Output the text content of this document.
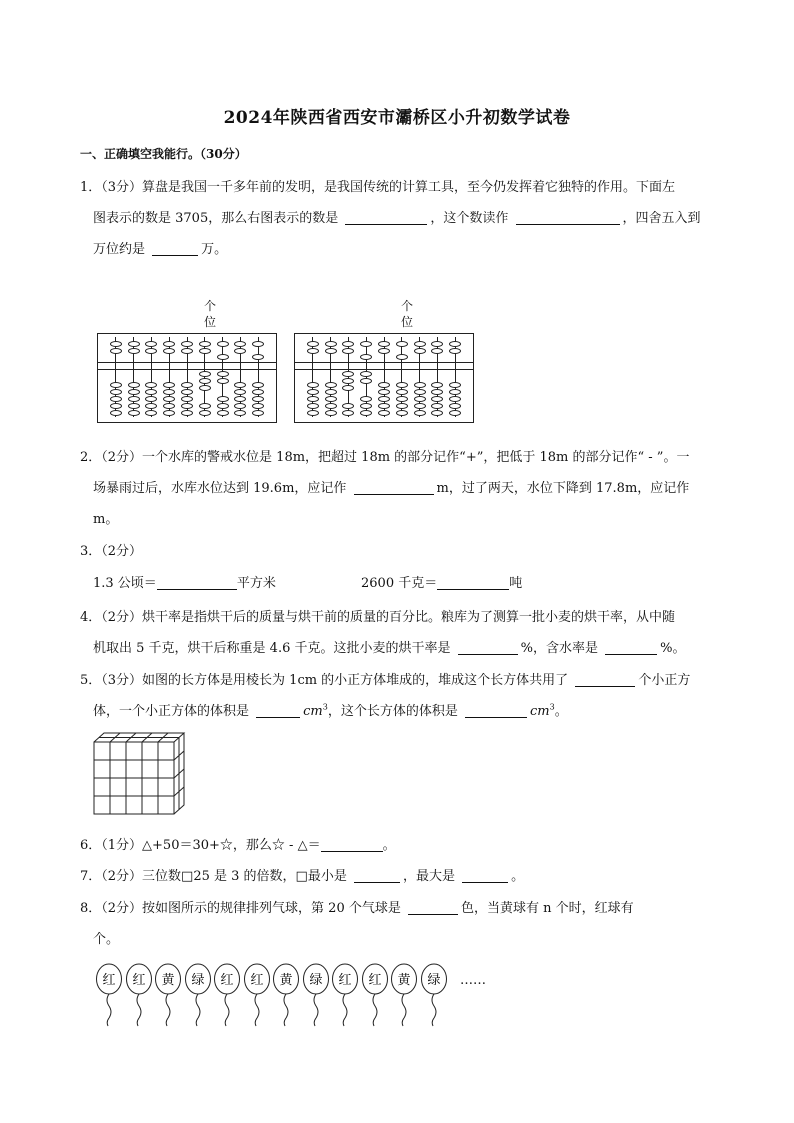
2024年陕西省西安市灞桥区小升初数学试卷
一、正确填空我能行。（30分）
1．（3分）算盘是我国一千多年前的发明，是我国传统的计算工具，至今仍发挥着它独特的作用。下面左
图表示的数是 3705，那么右图表示的数是	，这个数读作	，四舍五入到
万位约是	万。
个位
个位
2．（2分）一个水库的警戒水位是 18m，把超过 18m 的部分记作“+”，把低于 18m 的部分记作“ - ”。一
场暴雨过后，水库水位达到 19.6m，应记作	m，过了两天，水位下降到 17.8m，应记作
m。
3．（2分）
1.3 公顷＝	平方米	2600 千克＝	吨
4．（2分）烘干率是指烘干后的质量与烘干前的质量的百分比。粮库为了测算一批小麦的烘干率，从中随
机取出 5 千克，烘干后称重是 4.6 千克。这批小麦的烘干率是	%，含水率是	%。
5．（3分）如图的长方体是用棱长为 1cm 的小正方体堆成的，堆成这个长方体共用了	个小正方
体，一个小正方体的体积是	$cm^3$，这个长方体的体积是	$cm^3$。
6．（1分）△+50＝30+☆，那么☆ - △＝	。
7．（2分）三位数□25 是 3 的倍数，□最小是	，最大是	。
8．（2分）按如图所示的规律排列气球，第 20 个气球是	色，当黄球有 n 个时，红球有
个。
红 红 黄 绿 红 红 黄 绿 红 红 黄 绿 ……
